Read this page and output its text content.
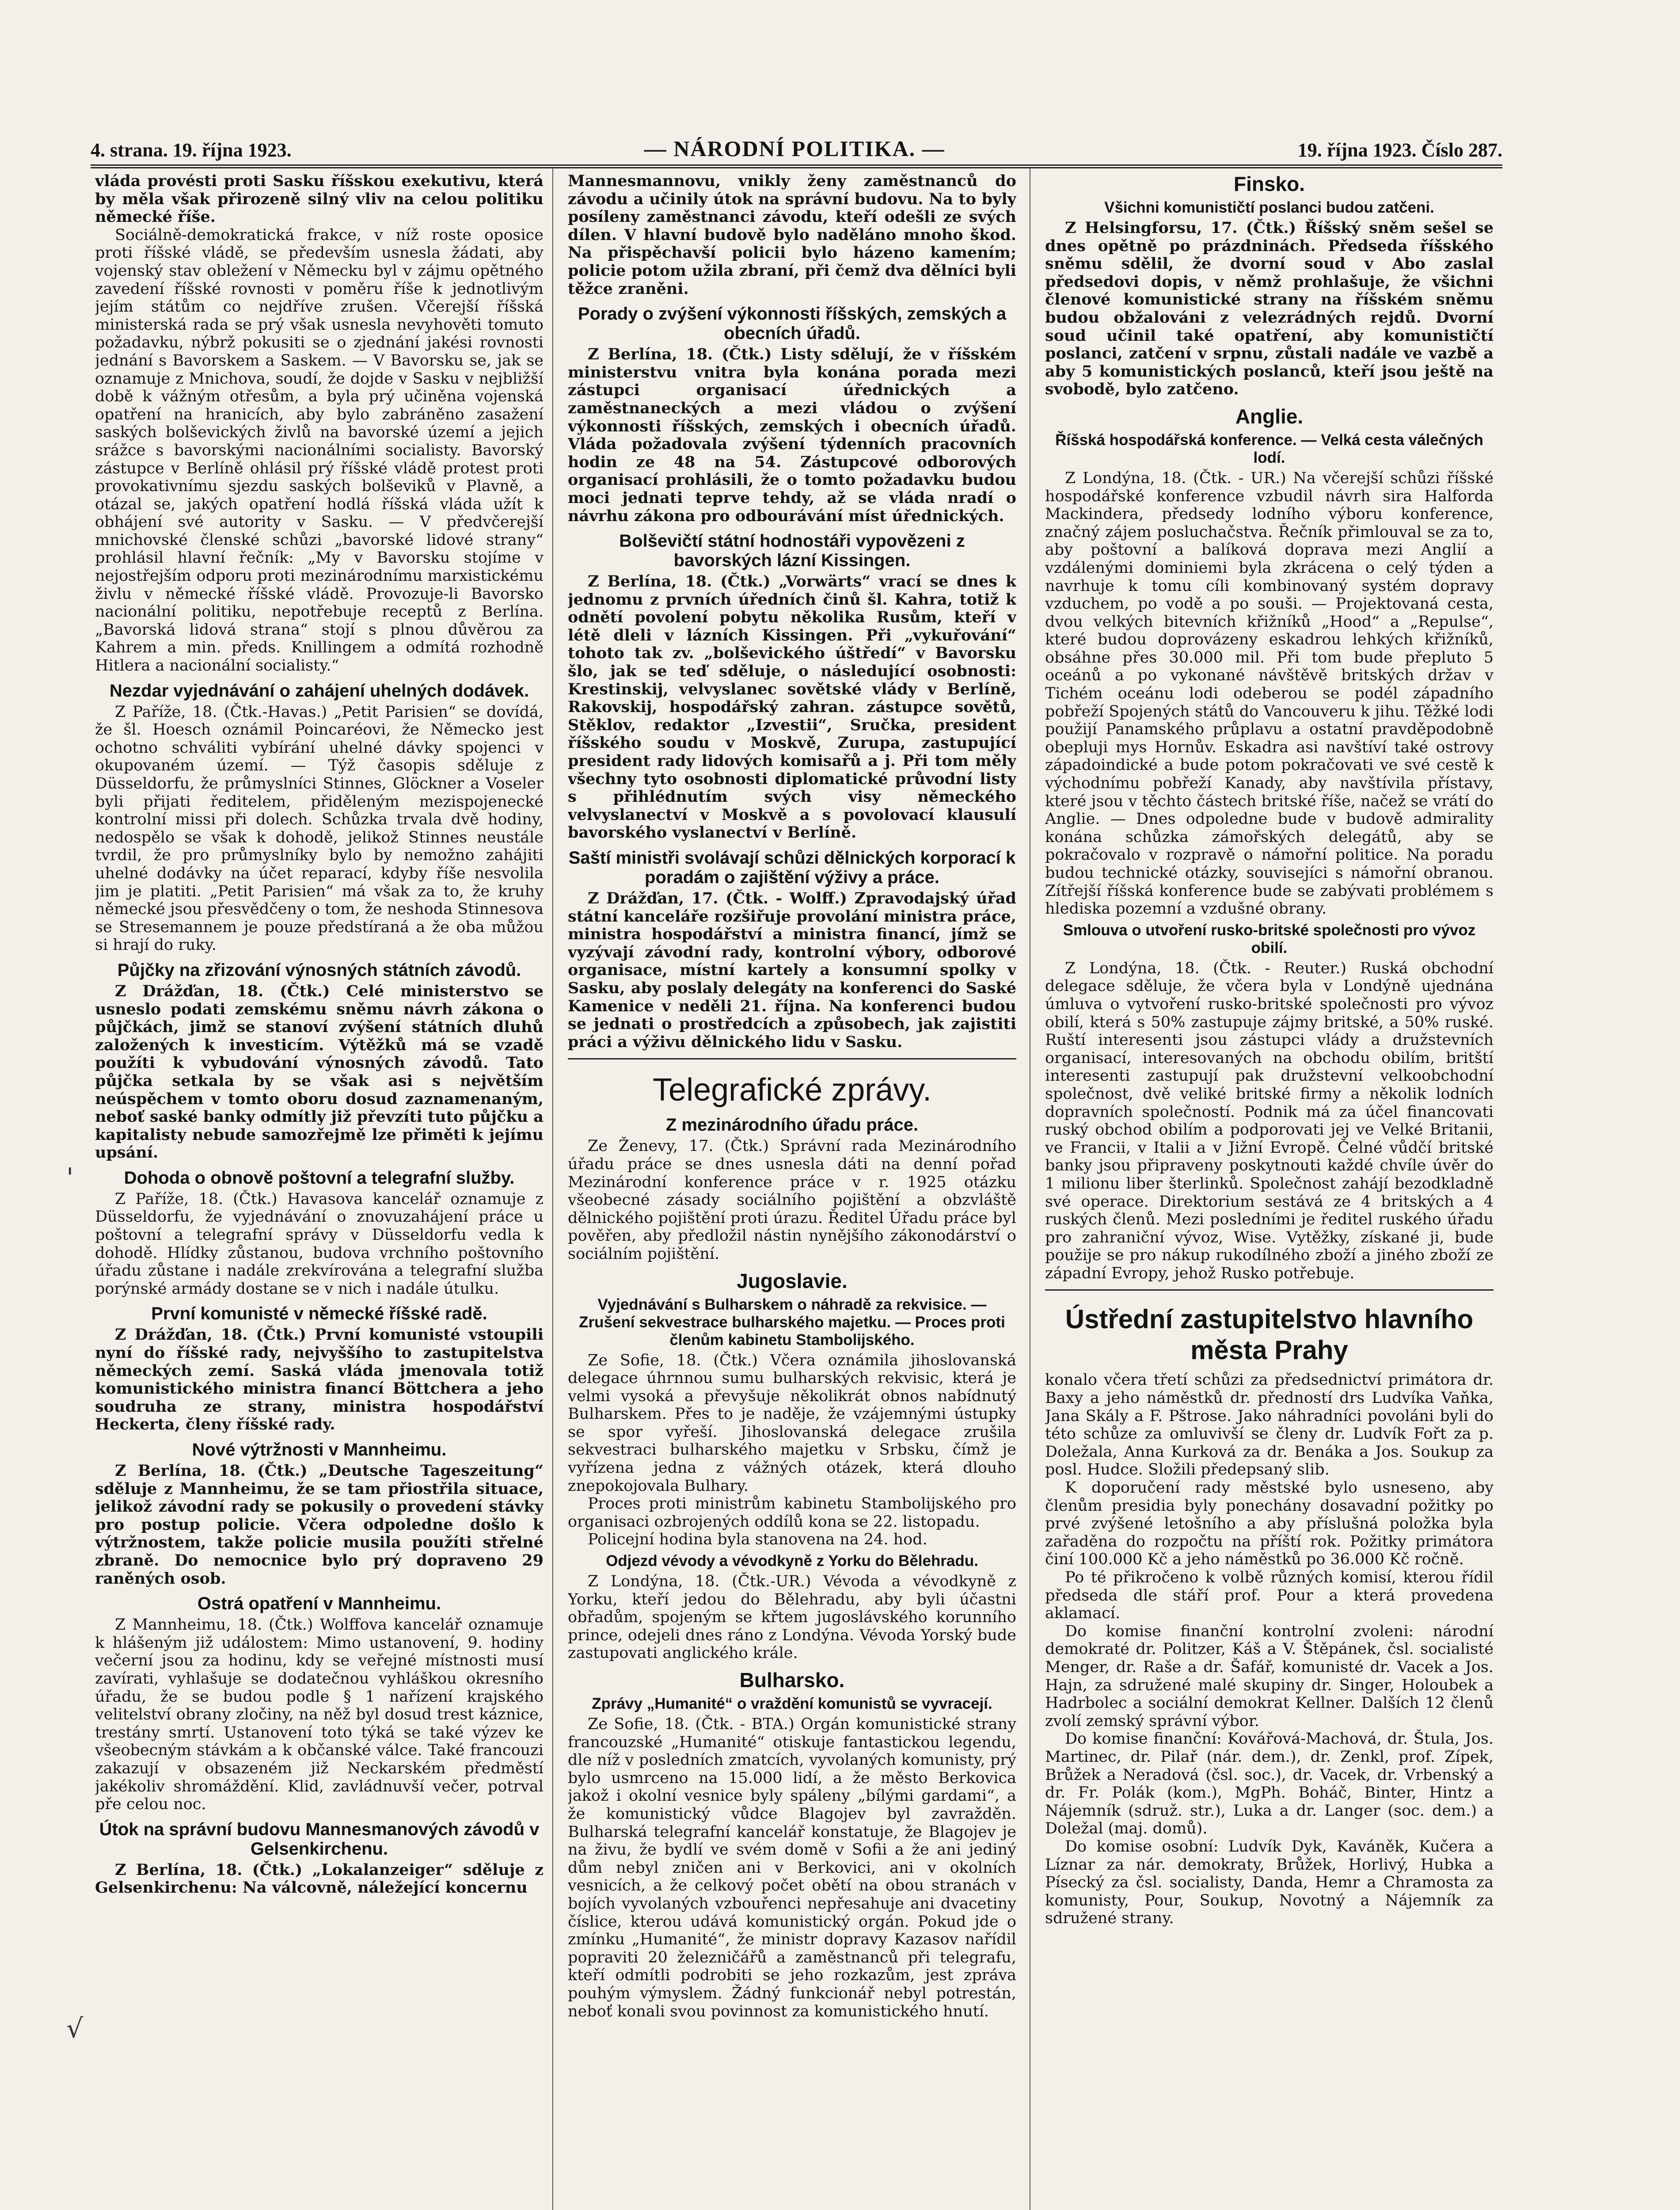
4. strana. 19. října 1923.	— NÁRODNÍ POLITIKA. —	19. října 1923. Číslo 287.
'
√

vláda provésti proti Sasku říšskou exekutivu, která by měla však přirozeně silný vliv na celou politiku německé říše.

Sociálně-demokratická frakce, v níž roste oposice proti říšské vládě, se především usnesla žádati, aby vojenský stav obležení v Německu byl v zájmu opětného zavedení říšské rovnosti v poměru říše k jednotlivým jejím státům co nejdříve zrušen. Včerejší říšská ministerská rada se prý však usnesla nevyhověti tomuto požadavku, nýbrž pokusiti se o zjednání jakési rovnosti jednání s Bavorskem a Saskem. — V Bavorsku se, jak se oznamuje z Mnichova, soudí, že dojde v Sasku v nejbližší době k vážným otřesům, a byla prý učiněna vojenská opatření na hranicích, aby bylo zabráněno zasažení saských bolševických živlů na bavorské území a jejich srážce s bavorskými nacionálními socialisty. Bavorský zástupce v Berlíně ohlásil prý říšské vládě protest proti provokativnímu sjezdu saských bolševiků v Plavně, a otázal se, jakých opatření hodlá říšská vláda užít k obhájení své autority v Sasku. — V předvčerejší mnichovské členské schůzi „bavorské lidové strany“ prohlásil hlavní řečník: „My v Bavorsku stojíme v nejostřejším odporu proti mezinárodnímu marxistickému živlu v německé říšské vládě. Provozuje-li Bavorsko nacionální politiku, nepotřebuje receptů z Berlína. „Bavorská lidová strana“ stojí s plnou důvěrou za Kahrem a min. předs. Knillingem a odmítá rozhodně Hitlera a nacionální socialisty.“

Nezdar vyjednávání o zahájení uhelných dodávek.

Z Paříže, 18. (Čtk.-Havas.) „Petit Parisien“ se dovídá, že šl. Hoesch oznámil Poincaréovi, že Německo jest ochotno schváliti vybírání uhelné dávky spojenci v okupovaném území. — Týž časopis sděluje z Düsseldorfu, že průmyslníci Stinnes, Glöckner a Voseler byli přijati ředitelem, přiděleným mezispojenecké kontrolní missi při dolech. Schůzka trvala dvě hodiny, nedospělo se však k dohodě, jelikož Stinnes neustále tvrdil, že pro průmyslníky bylo by nemožno zahájiti uhelné dodávky na účet reparací, kdyby říše nesvolila jim je platiti. „Petit Parisien“ má však za to, že kruhy německé jsou přesvědčeny o tom, že neshoda Stinnesova se Stresemannem je pouze předstíraná a že oba můžou si hrají do ruky.

Půjčky na zřizování výnosných státních závodů.

Z Drážďan, 18. (Čtk.) Celé ministerstvo se usneslo podati zemskému sněmu návrh zákona o půjčkách, jimž se stanoví zvýšení státních dluhů založených k investicím. Výtěžků má se vzadě použíti k vybudování výnosných závodů. Tato půjčka setkala by se však asi s největším neúspěchem v tomto oboru dosud zaznamenaným, neboť saské banky odmítly již převzíti tuto půjčku a kapitalisty nebude samozřejmě lze přiměti k jejímu upsání.

Dohoda o obnově poštovní a telegrafní služby.

Z Paříže, 18. (Čtk.) Havasova kancelář oznamuje z Düsseldorfu, že vyjednávání o znovuzahájení práce u poštovní a telegrafní správy v Düsseldorfu vedla k dohodě. Hlídky zůstanou, budova vrchního poštovního úřadu zůstane i nadále zrekvírována a telegrafní služba porýnské armády dostane se v nich i nadále útulku.

První komunisté v německé říšské radě.

Z Drážďan, 18. (Čtk.) První komunisté vstoupili nyní do říšské rady, nejvyššího to zastupitelstva německých zemí. Saská vláda jmenovala totiž komunistického ministra financí Böttchera a jeho soudruha ze strany, ministra hospodářství Heckerta, členy říšské rady.

Nové výtržnosti v Mannheimu.

Z Berlína, 18. (Čtk.) „Deutsche Tageszeitung“ sděluje z Mannheimu, že se tam přiostřila situace, jelikož závodní rady se pokusily o provedení stávky pro postup policie. Včera odpoledne došlo k výtržnostem, takže policie musila použíti střelné zbraně. Do nemocnice bylo prý dopraveno 29 raněných osob.

Ostrá opatření v Mannheimu.

Z Mannheimu, 18. (Čtk.) Wolffova kancelář oznamuje k hlášeným již událostem: Mimo ustanovení, 9. hodiny večerní jsou za hodinu, kdy se veřejné místnosti musí zavírati, vyhlašuje se dodatečnou vyhláškou okresního úřadu, že se budou podle § 1 nařízení krajského velitelství obrany zločiny, na něž byl dosud trest káznice, trestány smrtí. Ustanovení toto týká se také výzev ke všeobecným stávkám a k občanské válce. Také francouzi zakazují v obsazeném již Neckarském předměstí jakékoliv shromáždění. Klid, zavládnuvší večer, potrval pře celou noc.

Útok na správní budovu Mannesmanových závodů v Gelsenkirchenu.

Z Berlína, 18. (Čtk.) „Lokalanzeiger“ sděluje z Gelsenkirchenu: Na válcovně, náležející koncernu

Mannesmannovu, vnikly ženy zaměstnanců do závodu a učinily útok na správní budovu. Na to byly posíleny zaměstnanci závodu, kteří odešli ze svých dílen. V hlavní budově bylo naděláno mnoho škod. Na přispěchavší policii bylo házeno kamením; policie potom užila zbraní, při čemž dva dělníci byli těžce zraněni.

Porady o zvýšení výkonnosti říšských, zemských a obecních úřadů.

Z Berlína, 18. (Čtk.) Listy sdělují, že v říšském ministerstvu vnitra byla konána porada mezi zástupci organisací úřednických a zaměstnaneckých a mezi vládou o zvýšení výkonnosti říšských, zemských i obecních úřadů. Vláda požadovala zvýšení týdenních pracovních hodin ze 48 na 54. Zástupcové odborových organisací prohlásili, že o tomto požadavku budou moci jednati teprve tehdy, až se vláda nradí o návrhu zákona pro odbourávání míst úřednických.

Bolševičtí státní hodnostáři vypovězeni z bavorských lázní Kissingen.

Z Berlína, 18. (Čtk.) „Vorwärts“ vrací se dnes k jednomu z prvních úředních činů šl. Kahra, totiž k odnětí povolení pobytu několika Rusům, kteří v létě dleli v lázních Kissingen. Při „vykuřování“ tohoto tak zv. „bolševického úštředí“ v Bavorsku šlo, jak se teď sděluje, o následující osobnosti: Krestinskij, velvyslanec sovětské vlády v Berlíně, Rakovskij, hospodářský zahran. zástupce sovětů, Stěklov, redaktor „Izvestii“, Sručka, president říšského soudu v Moskvě, Zurupa, zastupující president rady lidových komisařů a j. Při tom měly všechny tyto osobnosti diplomatické průvodní listy s přihlédnutím svých visy německého velvyslanectví v Moskvě a s povolovací klausulí bavorského vyslanectví v Berlíně.

Saští ministři svolávají schůzi dělnických korporací k poradám o zajištění výživy a práce.

Z Drážďan, 17. (Čtk. - Wolff.) Zpravodajský úřad státní kanceláře rozšiřuje provolání ministra práce, ministra hospodářství a ministra financí, jímž se vyzývají závodní rady, kontrolní výbory, odborové organisace, místní kartely a konsumní spolky v Sasku, aby poslaly delegáty na konferenci do Saské Kamenice v neděli 21. října. Na konferenci budou se jednati o prostředcích a způsobech, jak zajistiti práci a výživu dělnického lidu v Sasku.

Telegrafické zprávy.
Z mezinárodního úřadu práce.

Ze Ženevy, 17. (Čtk.) Správní rada Mezinárodního úřadu práce se dnes usnesla dáti na denní pořad Mezinárodní konference práce v r. 1925 otázku všeobecné zásady sociálního pojištění a obzvláště dělnického pojištění proti úrazu. Ředitel Úřadu práce byl pověřen, aby předložil nástin nynějšího zákonodárství o sociálním pojištění.

Jugoslavie.
Vyjednávání s Bulharskem o náhradě za rekvisice. — Zrušení sekvestrace bulharského majetku. — Proces proti členům kabinetu Stambolijského.

Ze Sofie, 18. (Čtk.) Včera oznámila jihoslovanská delegace úhrnnou sumu bulharských rekvisic, která je velmi vysoká a převyšuje několikrát obnos nabídnutý Bulharskem. Přes to je naděje, že vzájemnými ústupky se spor vyřeší. Jihoslovanská delegace zrušila sekvestraci bulharského majetku v Srbsku, čímž je vyřízena jedna z vážných otázek, která dlouho znepokojovala Bulhary.

Proces proti ministrům kabinetu Stambolijského pro organisaci ozbrojených oddílů kona se 22. listopadu.

Policejní hodina byla stanovena na 24. hod.

Odjezd vévody a vévodkyně z Yorku do Bělehradu.

Z Londýna, 18. (Čtk.-UR.) Vévoda a vévodkyně z Yorku, kteří jedou do Bělehradu, aby byli účastni obřadům, spojeným se křtem jugoslávského korunního prince, odejeli dnes ráno z Londýna. Vévoda Yorský bude zastupovati anglického krále.

Bulharsko.
Zprávy „Humanité“ o vraždění komunistů se vyvracejí.

Ze Sofie, 18. (Čtk. - BTA.) Orgán komunistické strany francouzské „Humanité“ otiskuje fantastickou legendu, dle níž v posledních zmatcích, vyvolaných komunisty, prý bylo usmrceno na 15.000 lidí, a že město Berkovica jakož i okolní vesnice byly spáleny „bílými gardami“, a že komunistický vůdce Blagojev byl zavražděn. Bulharská telegrafní kancelář konstatuje, že Blagojev je na živu, že bydlí ve svém domě v Sofii a že ani jediný dům nebyl zničen ani v Berkovici, ani v okolních vesnicích, a že celkový počet obětí na obou stranách v bojích vyvolaných vzbouřenci nepřesahuje ani dvacetiny číslice, kterou udává komunistický orgán. Pokud jde o zmínku „Humanité“, že ministr dopravy Kazasov nařídil popraviti 20 železničářů a zaměstnanců při telegrafu, kteří odmítli podrobiti se jeho rozkazům, jest zpráva pouhým výmyslem. Žádný funkcionář nebyl potrestán, neboť konali svou povinnost za komunistického hnutí.

Finsko.
Všichni komunističtí poslanci budou zatčeni.

Z Helsingforsu, 17. (Čtk.) Říšský sněm sešel se dnes opětně po prázdninách. Předseda říšského sněmu sdělil, že dvorní soud v Abo zaslal předsedovi dopis, v němž prohlašuje, že všichni členové komunistické strany na říšském sněmu budou obžalováni z velezrádných rejdů. Dvorní soud učinil také opatření, aby komunističtí poslanci, zatčení v srpnu, zůstali nadále ve vazbě a aby 5 komunistických poslanců, kteří jsou ještě na svobodě, bylo zatčeno.

Anglie.
Říšská hospodářská konference. — Velká cesta válečných lodí.

Z Londýna, 18. (Čtk. - UR.) Na včerejší schůzi říšské hospodářské konference vzbudil návrh sira Halforda Mackindera, předsedy lodního výboru konference, značný zájem posluchačstva. Řečník přimlouval se za to, aby poštovní a balíková doprava mezi Anglií a vzdálenými dominiemi byla zkrácena o celý týden a navrhuje k tomu cíli kombinovaný systém dopravy vzduchem, po vodě a po souši. — Projektovaná cesta, dvou velkých bitevních křižníků „Hood“ a „Repulse“, které budou doprovázeny eskadrou lehkých křižníků, obsáhne přes 30.000 mil. Při tom bude přepluto 5 oceánů a po vykonané návštěvě britských držav v Tichém oceánu lodi odeberou se podél západního pobřeží Spojených států do Vancouveru k jihu. Těžké lodi použijí Panamského průplavu a ostatní pravděpodobně obepluji mys Hornův. Eskadra asi navštíví také ostrovy západoindické a bude potom pokračovati ve své cestě k východnímu pobřeží Kanady, aby navštívila přístavy, které jsou v těchto částech britské říše, načež se vrátí do Anglie. — Dnes odpoledne bude v budově admirality konána schůzka zámořských delegátů, aby se pokračovalo v rozpravě o námořní politice. Na poradu budou technické otázky, souvisejíci s námořní obranou. Zítřejší říšská konference bude se zabývati problémem s hlediska pozemní a vzdušné obrany.

Smlouva o utvoření rusko-britské společnosti pro vývoz obilí.

Z Londýna, 18. (Čtk. - Reuter.) Ruská obchodní delegace sděluje, že včera byla v Londýně ujednána úmluva o vytvoření rusko-britské společnosti pro vývoz obilí, která s 50% zastupuje zájmy britské, a 50% ruské. Ruští interesenti jsou zástupci vlády a družstevních organisací, interesovaných na obchodu obilím, britští interesenti zastupují pak družstevní velkoobchodní společnost, dvě veliké britské firmy a několik lodních dopravních společností. Podnik má za účel financovati ruský obchod obilím a podporovati jej ve Velké Britanii, ve Francii, v Italii a v Jižní Evropě. Čelné vůdčí britské banky jsou připraveny poskytnouti každé chvíle úvěr do 1 milionu liber šterlinků. Společnost zahájí bezodkladně své operace. Direktorium sestává ze 4 britských a 4 ruských členů. Mezi posledními je ředitel ruského úřadu pro zahraniční vývoz, Wise. Vytěžky, získané ji, bude použije se pro nákup rukodílného zboží a jiného zboží ze západní Evropy, jehož Rusko potřebuje.

Ústřední zastupitelstvo hlavního města Prahy

konalo včera třetí schůzi za předsednictví primátora dr. Baxy a jeho náměstků dr. předností drs Ludvíka Vaňka, Jana Skály a F. Pštrose. Jako náhradníci povoláni byli do této schůze za omluvivší se členy dr. Ludvík Fořt za p. Doležala, Anna Kurková za dr. Benáka a Jos. Soukup za posl. Hudce. Složili předepsaný slib.

K doporučení rady městské bylo usneseno, aby členům presidia byly ponechány dosavadní požitky po prvé zvýšené letošního a aby příslušná položka byla zařaděna do rozpočtu na příští rok. Požitky primátora činí 100.000 Kč a jeho náměstků po 36.000 Kč ročně.

Po té přikročeno k volbě různých komisí, kterou řídil předseda dle stáří prof. Pour a která provedena aklamací.

Do komise finanční kontrolní zvoleni: národní demokraté dr. Politzer, Káš a V. Štěpánek, čsl. socialisté Menger, dr. Raše a dr. Šafář, komunisté dr. Vacek a Jos. Hajn, za sdružené malé skupiny dr. Singer, Holoubek a Hadrbolec a sociální demokrat Kellner. Dalších 12 členů zvolí zemský správní výbor.

Do komise finanční: Kovářová-Machová, dr. Štula, Jos. Martinec, dr. Pilař (nár. dem.), dr. Zenkl, prof. Zípek, Brůžek a Neradová (čsl. soc.), dr. Vacek, dr. Vrbenský a dr. Fr. Polák (kom.), MgPh. Boháč, Binter, Hintz a Nájemník (sdruž. str.), Luka a dr. Langer (soc. dem.) a Doležal (maj. domů).

Do komise osobní: Ludvík Dyk, Kaváněk, Kučera a Líznar za nár. demokraty, Brůžek, Horlivý, Hubka a Písecký za čsl. socialisty, Danda, Hemr a Chramosta za komunisty, Pour, Soukup, Novotný a Nájemník za sdružené strany.
